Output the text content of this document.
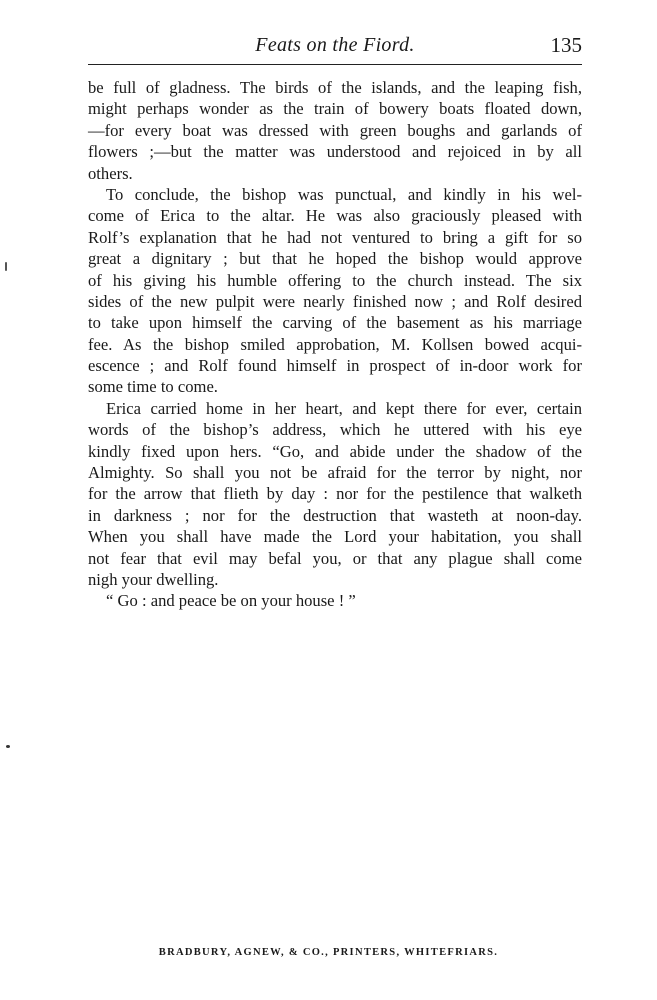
Feats on the Fiord.	135
be full of gladness. The birds of the islands, and the leaping fish,
might perhaps wonder as the train of bowery boats floated down,
—for every boat was dressed with green boughs and garlands of
flowers ;—but the matter was understood and rejoiced in by all
others.
To conclude, the bishop was punctual, and kindly in his wel-
come of Erica to the altar. He was also graciously pleased with
Rolf’s explanation that he had not ventured to bring a gift for so
great a dignitary ; but that he hoped the bishop would approve
of his giving his humble offering to the church instead. The six
sides of the new pulpit were nearly finished now ; and Rolf desired
to take upon himself the carving of the basement as his marriage
fee. As the bishop smiled approbation, M. Kollsen bowed acqui-
escence ; and Rolf found himself in prospect of in-door work for
some time to come.
Erica carried home in her heart, and kept there for ever, certain
words of the bishop’s address, which he uttered with his eye
kindly fixed upon hers. “Go, and abide under the shadow of the
Almighty. So shall you not be afraid for the terror by night, nor
for the arrow that flieth by day : nor for the pestilence that walketh
in darkness ; nor for the destruction that wasteth at noon-day.
When you shall have made the Lord your habitation, you shall
not fear that evil may befal you, or that any plague shall come
nigh your dwelling.
“ Go : and peace be on your house ! ”
BRADBURY, AGNEW, & CO., PRINTERS, WHITEFRIARS.
